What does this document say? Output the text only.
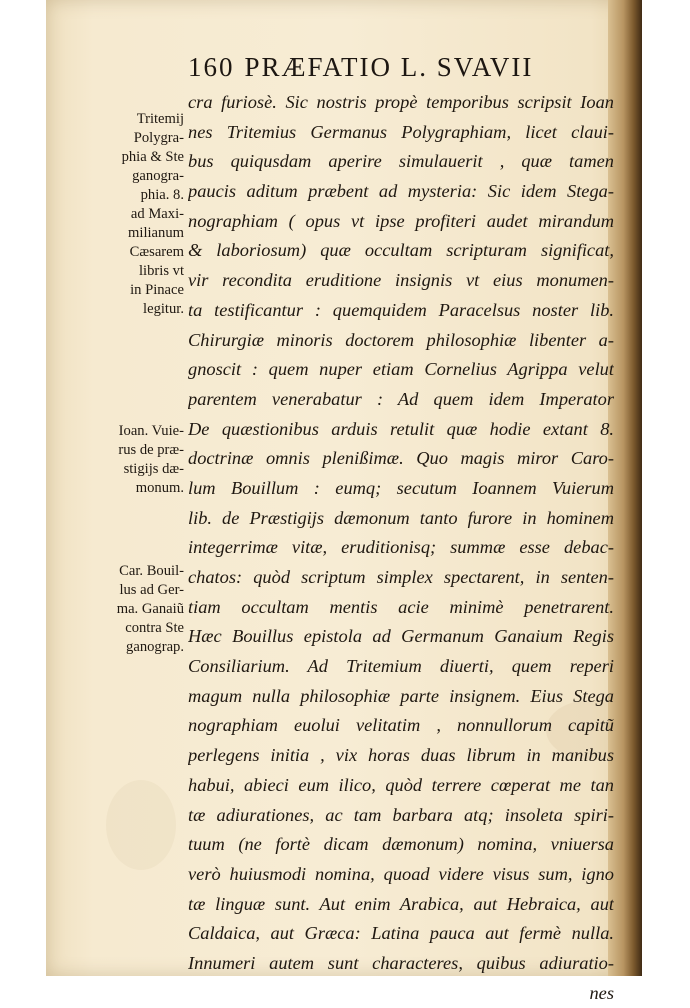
160 PRÆFATIO L. SVAVII
cra furiosè. Sic nostris propè temporibus scripsit Ioan
nes Tritemius Germanus Polygraphiam, licet claui-
bus quiqusdam aperire simulauerit , quæ tamen
paucis aditum præbent ad mysteria: Sic idem Stega-
nographiam ( opus vt ipse profiteri audet mirandum
& laboriosum) quæ occultam scripturam significat,
vir recondita eruditione insignis vt eius monumen-
ta testificantur : quemquidem Paracelsus noster lib.
Chirurgiæ minoris doctorem philosophiæ libenter a-
gnoscit : quem nuper etiam Cornelius Agrippa velut
parentem venerabatur : Ad quem idem Imperator
De quæstionibus arduis retulit quæ hodie extant 8.
doctrinæ omnis plenißimæ. Quo magis miror Caro-
lum Bouillum : eumq; secutum Ioannem Vuierum
lib. de Præstigijs dæmonum tanto furore in hominem
integerrimæ vitæ, eruditionisq; summæ esse debac-
chatos: quòd scriptum simplex spectarent, in senten-
tiam occultam mentis acie minimè penetrarent.
Hæc Bouillus epistola ad Germanum Ganaium Regis
Consiliarium. Ad Tritemium diuerti, quem reperi
magum nulla philosophiæ parte insignem. Eius Stega
nographiam euolui velitatim , nonnullorum capitũ
perlegens initia , vix horas duas librum in manibus
habui, abieci eum ilico, quòd terrere cœperat me tan
tæ adiurationes, ac tam barbara atq; insoleta spiri-
tuum (ne fortè dicam dæmonum) nomina, vniuersa
verò huiusmodi nomina, quoad videre visus sum, igno
tæ linguæ sunt. Aut enim Arabica, aut Hebraica, aut
Caldaica, aut Græca: Latina pauca aut fermè nulla.
Innumeri autem sunt characteres, quibus adiuratio-
nes
Tritemij
Polygra-
phia & Ste
ganogra-
phia. 8.
ad Maxi-
milianum
Cæsarem
libris vt
in Pinace
legitur.
Ioan. Vuie-
rus de præ-
stigijs dæ-
monum.
Car. Bouil-
lus ad Ger-
ma. Ganaiũ
contra Ste
ganograp.
